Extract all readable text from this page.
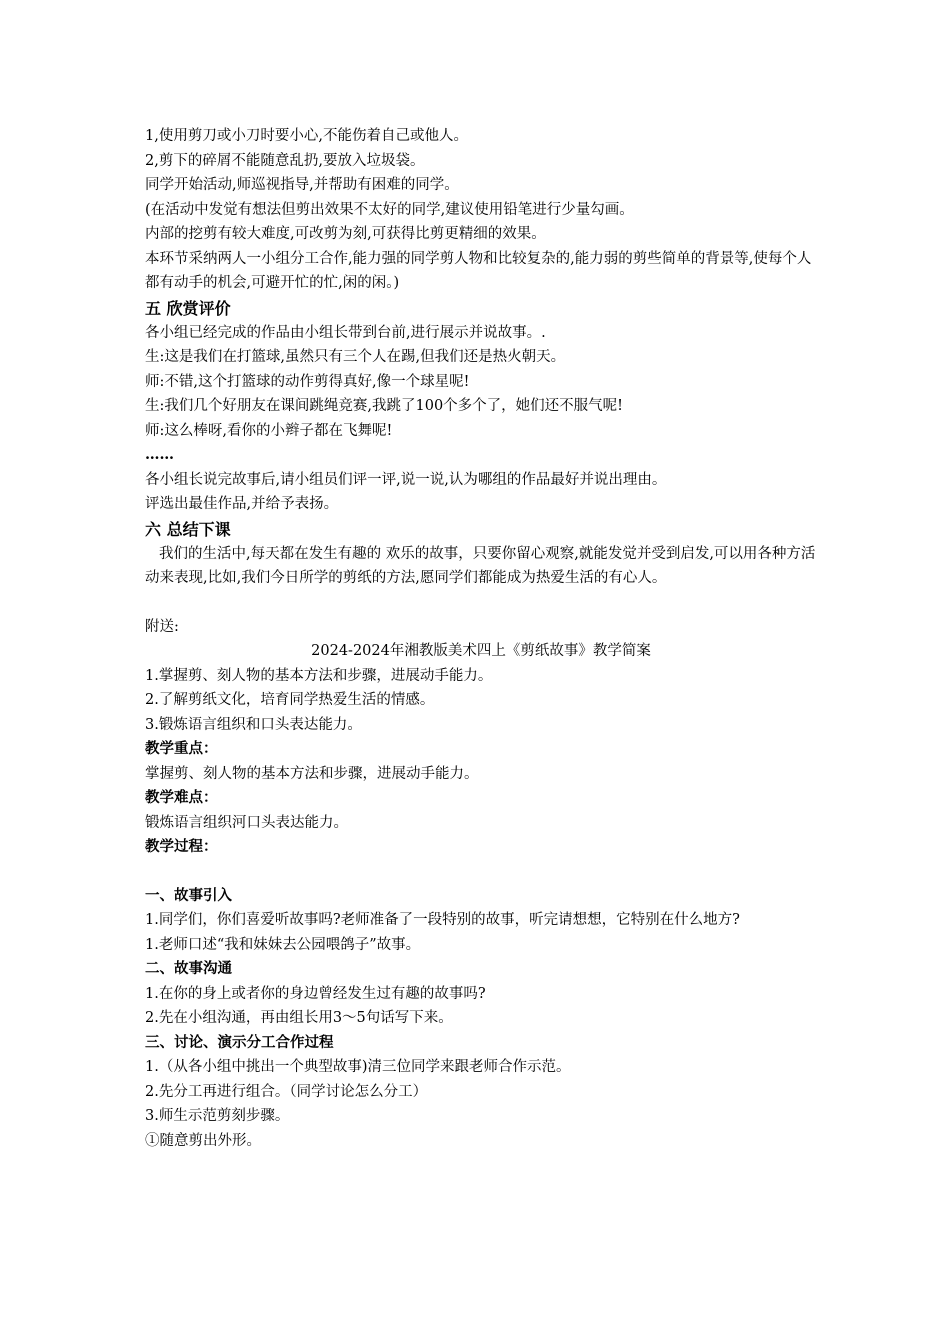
1,使用剪刀或小刀时要小心,不能伤着自己或他人。

2,剪下的碎屑不能随意乱扔,要放入垃圾袋。

同学开始活动,师巡视指导,并帮助有困难的同学。

(在活动中发觉有想法但剪出效果不太好的同学,建议使用铅笔进行少量勾画。

内部的挖剪有较大难度,可改剪为刻,可获得比剪更精细的效果。

本环节采纳两人一小组分工合作,能力强的同学剪人物和比较复杂的,能力弱的剪些简单的背景等,使每个人都有动手的机会,可避开忙的忙,闲的闲。)

五 欣赏评价

各小组已经完成的作品由小组长带到台前,进行展示并说故事。.

生:这是我们在打篮球,虽然只有三个人在踢,但我们还是热火朝天。

师:不错,这个打篮球的动作剪得真好,像一个球星呢!

生:我们几个好朋友在课间跳绳竞赛,我跳了100个多个了，她们还不服气呢!

师:这么棒呀,看你的小辫子都在飞舞呢!

……

各小组长说完故事后,请小组员们评一评,说一说,认为哪组的作品最好并说出理由。

评选出最佳作品,并给予表扬。

六 总结下课

我们的生活中,每天都在发生有趣的 欢乐的故事，只要你留心观察,就能发觉并受到启发,可以用各种方活动来表现,比如,我们今日所学的剪纸的方法,愿同学们都能成为热爱生活的有心人。

附送:

2024-2024年湘教版美术四上《剪纸故事》教学简案

1.掌握剪、刻人物的基本方法和步骤，进展动手能力。

2.了解剪纸文化，培育同学热爱生活的情感。

3.锻炼语言组织和口头表达能力。

教学重点：

掌握剪、刻人物的基本方法和步骤，进展动手能力。

教学难点：

锻炼语言组织河口头表达能力。

教学过程：

一、故事引入

1.同学们，你们喜爱听故事吗?老师准备了一段特别的故事，听完请想想，它特别在什么地方?

1.老师口述“我和妹妹去公园喂鸽子”故事。

二、故事沟通

1.在你的身上或者你的身边曾经发生过有趣的故事吗?

2.先在小组沟通，再由组长用3～5句话写下来。

三、讨论、演示分工合作过程

1.（从各小组中挑出一个典型故事)清三位同学来跟老师合作示范。

2.先分工再进行组合。（同学讨论怎么分工）

3.师生示范剪刻步骤。

①随意剪出外形。
